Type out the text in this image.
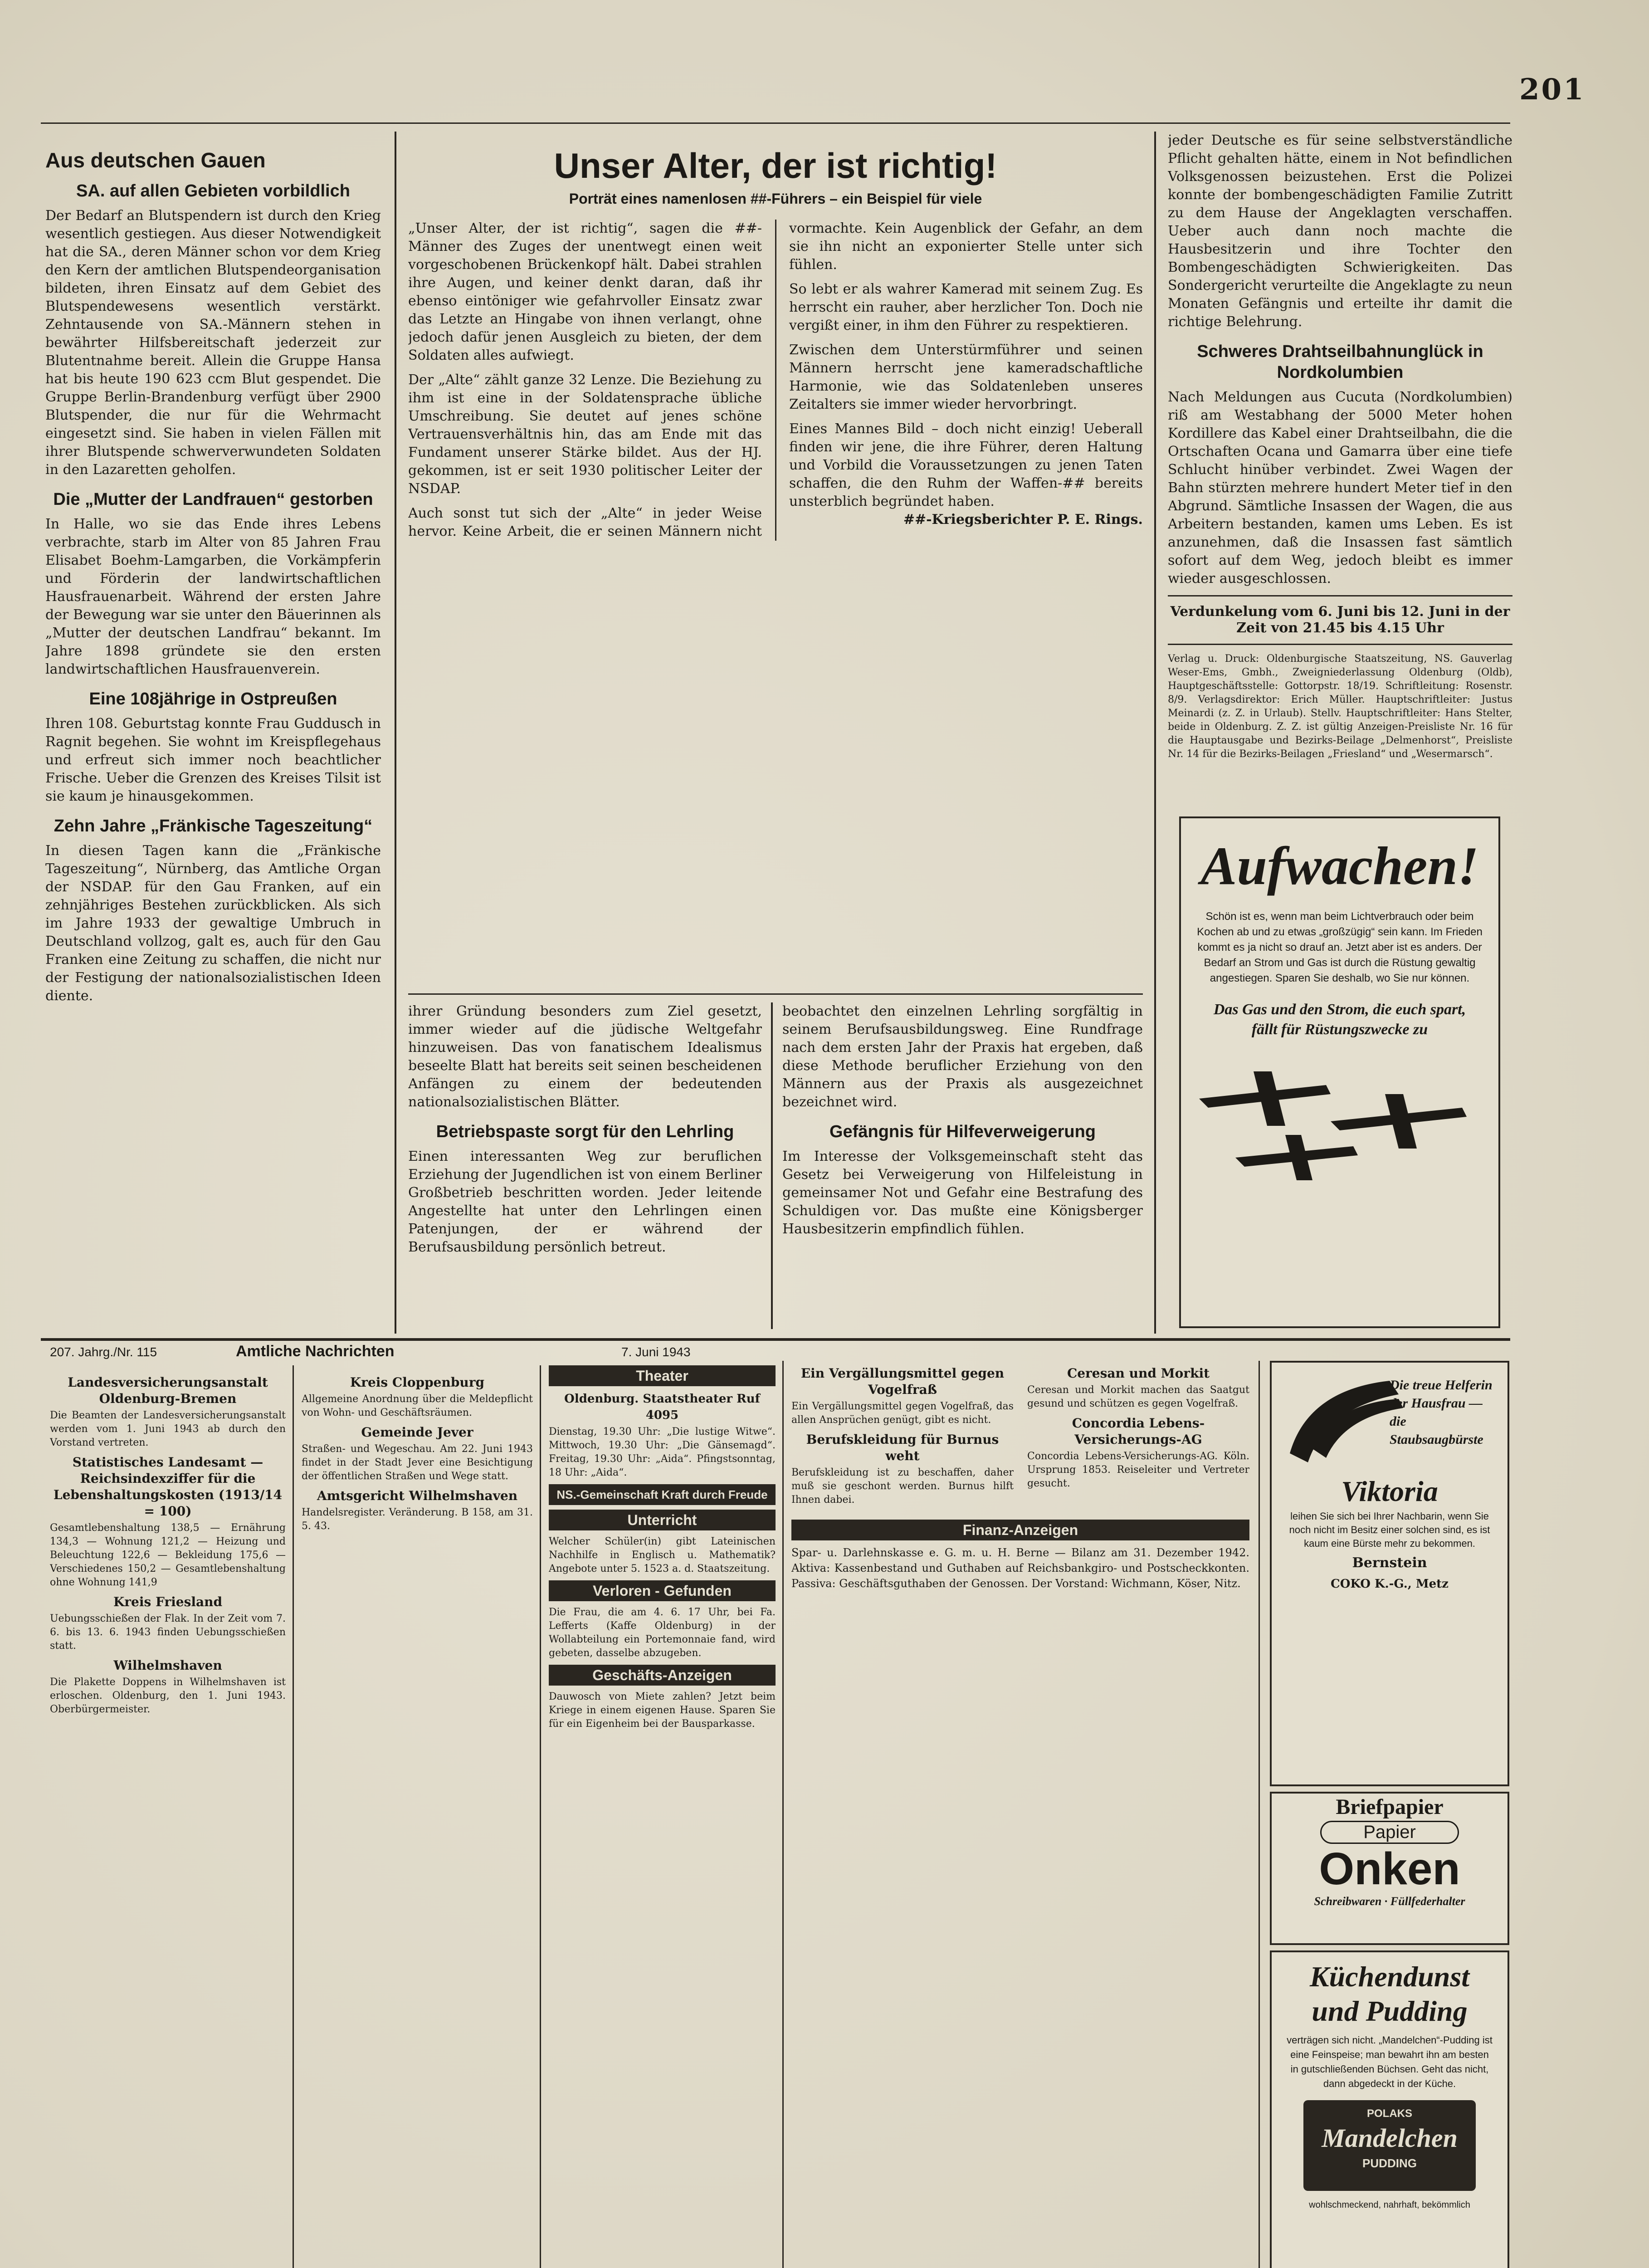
201
Aus deutschen Gauen
SA. auf allen Gebieten vorbildlich

Der Bedarf an Blutspendern ist durch den Krieg wesentlich gestiegen. Aus dieser Notwendigkeit hat die SA., deren Männer schon vor dem Krieg den Kern der amtlichen Blutspendeorganisation bildeten, ihren Einsatz auf dem Gebiet des Blutspendewesens wesentlich verstärkt. Zehntausende von SA.-Männern stehen in bewährter Hilfsbereitschaft jederzeit zur Blutentnahme bereit. Allein die Gruppe Hansa hat bis heute 190 623 ccm Blut gespendet. Die Gruppe Berlin-Brandenburg verfügt über 2900 Blutspender, die nur für die Wehrmacht eingesetzt sind. Sie haben in vielen Fällen mit ihrer Blutspende schwerverwundeten Soldaten in den Lazaretten geholfen.

Die „Mutter der Landfrauen“ gestorben

In Halle, wo sie das Ende ihres Lebens verbrachte, starb im Alter von 85 Jahren Frau Elisabet Boehm-Lamgarben, die Vorkämpferin und Förderin der landwirtschaftlichen Hausfrauenarbeit. Während der ersten Jahre der Bewegung war sie unter den Bäuerinnen als „Mutter der deutschen Landfrau“ bekannt. Im Jahre 1898 gründete sie den ersten landwirtschaftlichen Hausfrauenverein.

Eine 108jährige in Ostpreußen

Ihren 108. Geburtstag konnte Frau Guddusch in Ragnit begehen. Sie wohnt im Kreispflegehaus und erfreut sich immer noch beachtlicher Frische. Ueber die Grenzen des Kreises Tilsit ist sie kaum je hinausgekommen.

Zehn Jahre „Fränkische Tageszeitung“

In diesen Tagen kann die „Fränkische Tageszeitung“, Nürnberg, das Amtliche Organ der NSDAP. für den Gau Franken, auf ein zehnjähriges Bestehen zurückblicken. Als sich im Jahre 1933 der gewaltige Umbruch in Deutschland vollzog, galt es, auch für den Gau Franken eine Zeitung zu schaffen, die nicht nur der Festigung der nationalsozialistischen Ideen diente.

Unser Alter, der ist richtig!
Porträt eines namenlosen ##-Führers – ein Beispiel für viele

„Unser Alter, der ist richtig“, sagen die ##-Männer des Zuges der unentwegt einen weit vorgeschobenen Brückenkopf hält. Dabei strahlen ihre Augen, und keiner denkt daran, daß ihr ebenso eintöniger wie gefahrvoller Einsatz zwar das Letzte an Hingabe von ihnen verlangt, ohne jedoch dafür jenen Ausgleich zu bieten, der dem Soldaten alles aufwiegt.

Der „Alte“ zählt ganze 32 Lenze. Die Beziehung zu ihm ist eine in der Soldatensprache übliche Umschreibung. Sie deutet auf jenes schöne Vertrauensverhältnis hin, das am Ende mit das Fundament unserer Stärke bildet. Aus der HJ. gekommen, ist er seit 1930 politischer Leiter der NSDAP.

Auch sonst tut sich der „Alte“ in jeder Weise hervor. Keine Arbeit, die er seinen Männern nicht vormachte. Kein Augenblick der Gefahr, an dem sie ihn nicht an exponierter Stelle unter sich fühlen.

So lebt er als wahrer Kamerad mit seinem Zug. Es herrscht ein rauher, aber herzlicher Ton. Doch nie vergißt einer, in ihm den Führer zu respektieren.

Zwischen dem Unterstürmführer und seinen Männern herrscht jene kameradschaftliche Harmonie, wie das Soldatenleben unseres Zeitalters sie immer wieder hervorbringt.

Eines Mannes Bild – doch nicht einzig! Ueberall finden wir jene, die ihre Führer, deren Haltung und Vorbild die Voraussetzungen zu jenen Taten schaffen, die den Ruhm der Waffen-## bereits unsterblich begründet haben.

##-Kriegsberichter P. E. Rings.

jeder Deutsche es für seine selbstverständliche Pflicht gehalten hätte, einem in Not befindlichen Volksgenossen beizustehen. Erst die Polizei konnte der bombengeschädigten Familie Zutritt zu dem Hause der Angeklagten verschaffen. Ueber auch dann noch machte die Hausbesitzerin und ihre Tochter den Bombengeschädigten Schwierigkeiten. Das Sondergericht verurteilte die Angeklagte zu neun Monaten Gefängnis und erteilte ihr damit die richtige Belehrung.

Schweres Drahtseilbahnunglück in Nordkolumbien

Nach Meldungen aus Cucuta (Nordkolumbien) riß am Westabhang der 5000 Meter hohen Kordillere das Kabel einer Drahtseilbahn, die die Ortschaften Ocana und Gamarra über eine tiefe Schlucht hinüber verbindet. Zwei Wagen der Bahn stürzten mehrere hundert Meter tief in den Abgrund. Sämtliche Insassen der Wagen, die aus Arbeitern bestanden, kamen ums Leben. Es ist anzunehmen, daß die Insassen fast sämtlich sofort auf dem Weg, jedoch bleibt es immer wieder ausgeschlossen.

Verdunkelung vom 6. Juni bis 12. Juni in der Zeit von 21.45 bis 4.15 Uhr

Verlag u. Druck: Oldenburgische Staatszeitung, NS. Gauverlag Weser-Ems, Gmbh., Zweigniederlassung Oldenburg (Oldb), Hauptgeschäftsstelle: Gottorpstr. 18/19. Schriftleitung: Rosenstr. 8/9. Verlagsdirektor: Erich Müller. Hauptschriftleiter: Justus Meinardi (z. Z. in Urlaub). Stellv. Hauptschriftleiter: Hans Stelter, beide in Oldenburg. Z. Z. ist gültig Anzeigen-Preisliste Nr. 16 für die Hauptausgabe und Bezirks-Beilage „Delmenhorst“, Preisliste Nr. 14 für die Bezirks-Beilagen „Friesland“ und „Wesermarsch“.

Aufwachen!
Schön ist es, wenn man beim Lichtverbrauch oder beim Kochen ab und zu etwas „großzügig“ sein kann. Im Frieden kommt es ja nicht so drauf an. Jetzt aber ist es anders. Der Bedarf an Strom und Gas ist durch die Rüstung gewaltig angestiegen. Sparen Sie deshalb, wo Sie nur können.
Das Gas und den Strom, die euch spart, fällt für Rüstungszwecke zu

ihrer Gründung besonders zum Ziel gesetzt, immer wieder auf die jüdische Weltgefahr hinzuweisen. Das von fanatischem Idealismus beseelte Blatt hat bereits seit seinen bescheidenen Anfängen zu einem der bedeutenden nationalsozialistischen Blätter.

Betriebspaste sorgt für den Lehrling

Einen interessanten Weg zur beruflichen Erziehung der Jugendlichen ist von einem Berliner Großbetrieb beschritten worden. Jeder leitende Angestellte hat unter den Lehrlingen einen Patenjungen, der er während der Berufsausbildung persönlich betreut.

beobachtet den einzelnen Lehrling sorgfältig in seinem Berufsausbildungsweg. Eine Rundfrage nach dem ersten Jahr der Praxis hat ergeben, daß diese Methode beruflicher Erziehung von den Männern aus der Praxis als ausgezeichnet bezeichnet wird.

Gefängnis für Hilfeverweigerung

Im Interesse der Volksgemeinschaft steht das Gesetz bei Verweigerung von Hilfeleistung in gemeinsamer Not und Gefahr eine Bestrafung des Schuldigen vor. Das mußte eine Königsberger Hausbesitzerin empfindlich fühlen.

207. Jahrg./Nr. 115	Amtliche Nachrichten	7. Juni 1943
Landesversicherungsanstalt Oldenburg-Bremen

Die Beamten der Landesversicherungsanstalt werden vom 1. Juni 1943 ab durch den Vorstand vertreten.

Statistisches Landesamt — Reichsindexziffer für die Lebenshaltungskosten (1913/14 = 100)

Gesamtlebenshaltung 138,5 — Ernährung 134,3 — Wohnung 121,2 — Heizung und Beleuchtung 122,6 — Bekleidung 175,6 — Verschiedenes 150,2 — Gesamtlebenshaltung ohne Wohnung 141,9

Kreis Friesland

Uebungsschießen der Flak. In der Zeit vom 7. 6. bis 13. 6. 1943 finden Uebungsschießen statt.

Wilhelmshaven

Die Plakette Doppens in Wilhelmshaven ist erloschen. Oldenburg, den 1. Juni 1943. Oberbürgermeister.

Kreis Cloppenburg

Allgemeine Anordnung über die Meldepflicht von Wohn- und Geschäftsräumen.

Gemeinde Jever

Straßen- und Wegeschau. Am 22. Juni 1943 findet in der Stadt Jever eine Besichtigung der öffentlichen Straßen und Wege statt.

Amtsgericht Wilhelmshaven

Handelsregister. Veränderung. B 158, am 31. 5. 43.

Theater
Oldenburg. Staatstheater Ruf 4095

Dienstag, 19.30 Uhr: „Die lustige Witwe“. Mittwoch, 19.30 Uhr: „Die Gänsemagd“. Freitag, 19.30 Uhr: „Aida“. Pfingstsonntag, 18 Uhr: „Aida“.

NS.-Gemeinschaft Kraft durch Freude
Unterricht

Welcher Schüler(in) gibt Lateinischen Nachhilfe in Englisch u. Mathematik? Angebote unter 5. 1523 a. d. Staatszeitung.

Verloren - Gefunden

Die Frau, die am 4. 6. 17 Uhr, bei Fa. Lefferts (Kaffe Oldenburg) in der Wollabteilung ein Portemonnaie fand, wird gebeten, dasselbe abzugeben.

Geschäfts-Anzeigen

Dauwosch von Miete zahlen? Jetzt beim Kriege in einem eigenen Hause. Sparen Sie für ein Eigenheim bei der Bausparkasse.

Ein Vergällungsmittel gegen Vogelfraß

Ein Vergällungsmittel gegen Vogelfraß, das allen Ansprüchen genügt, gibt es nicht.

Berufskleidung für Burnus weht

Berufskleidung ist zu beschaffen, daher muß sie geschont werden. Burnus hilft Ihnen dabei.

Ceresan und Morkit

Ceresan und Morkit machen das Saatgut gesund und schützen es gegen Vogelfraß.

Concordia Lebens-Versicherungs-AG

Concordia Lebens-Versicherungs-AG. Köln. Ursprung 1853. Reiseleiter und Vertreter gesucht.

Finanz-Anzeigen

Spar- u. Darlehnskasse e. G. m. u. H. Berne — Bilanz am 31. Dezember 1942. Aktiva: Kassenbestand und Guthaben auf Reichsbankgiro- und Postscheckkonten. Passiva: Geschäftsguthaben der Genossen. Der Vorstand: Wichmann, Köser, Nitz.

Die treue Helferin der Hausfrau — die Staubsaugbürste
Viktoria
leihen Sie sich bei Ihrer Nachbarin, wenn Sie noch nicht im Besitz einer solchen sind, es ist kaum eine Bürste mehr zu bekommen.
Bernstein
COKO K.-G., Metz
Briefpapier
Papier
Onken
Schreibwaren · Füllfederhalter
Küchendunst
und Pudding
verträgen sich nicht. „Mandelchen“-Pudding ist eine Feinspeise; man bewahrt ihn am besten in gutschließenden Büchsen. Geht das nicht, dann abgedeckt in der Küche.
POLAKS
Mandelchen
PUDDING
wohlschmeckend, nahrhaft, bekömmlich
